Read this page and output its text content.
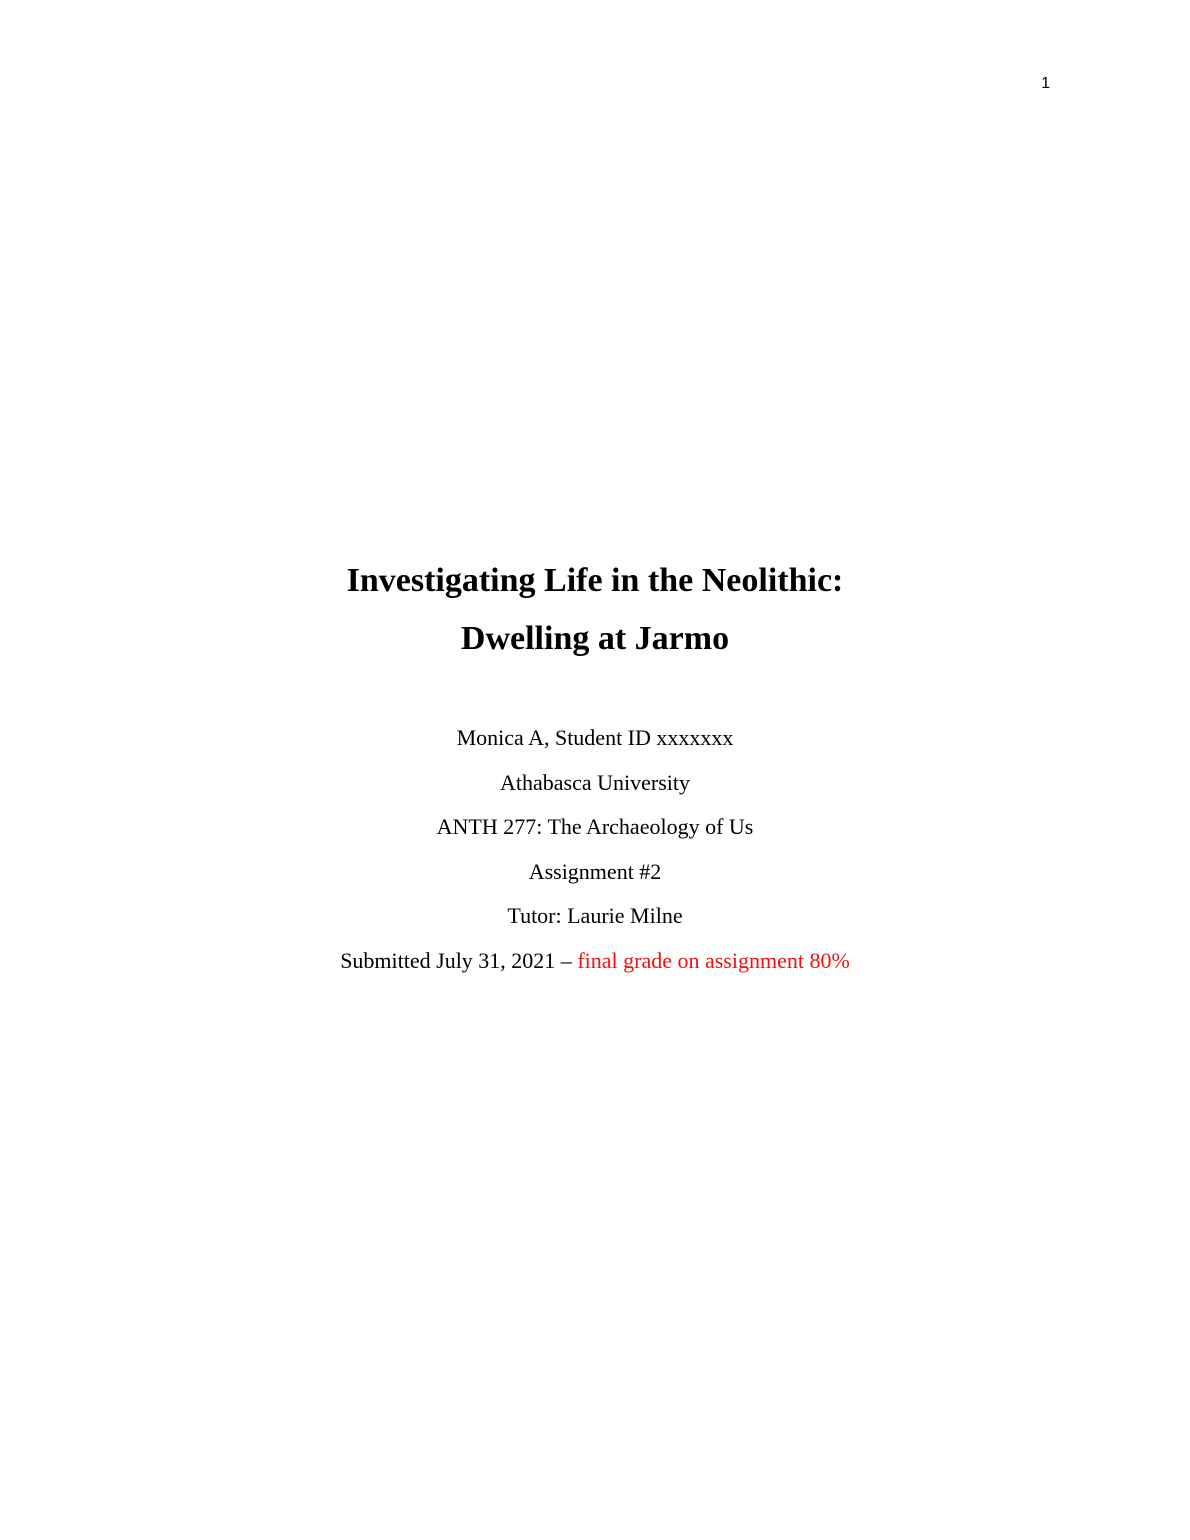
1
Investigating Life in the Neolithic:
Dwelling at Jarmo
Monica A, Student ID xxxxxxx
Athabasca University
ANTH 277: The Archaeology of Us
Assignment #2
Tutor: Laurie Milne
Submitted July 31, 2021 – final grade on assignment 80%
